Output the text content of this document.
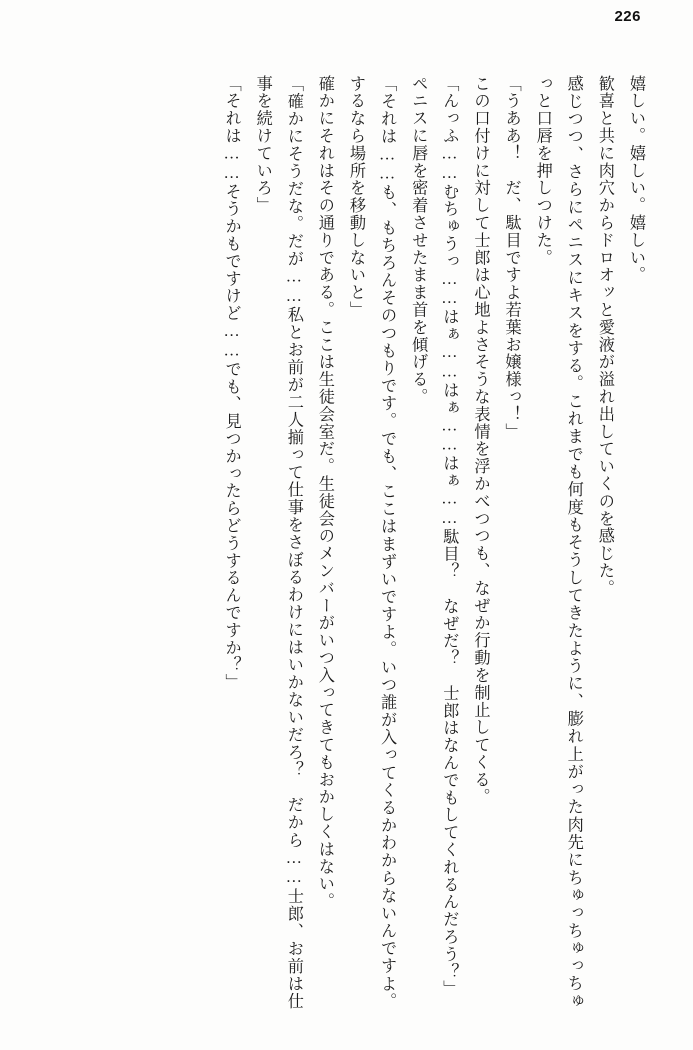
226

嬉しい。嬉しい。嬉しい。

歓喜と共に肉穴からドロオッと愛液が溢れ出していくのを感じた。

感じつつ、さらにペニスにキスをする。これまでも何度もそうしてきたように、膨れ上がった肉先にちゅっちゅっちゅっと口唇を押しつけた。

「うああ！　だ、駄目ですよ若葉お嬢様っ！」

この口付けに対して士郎は心地よさそうな表情を浮かべつつも、なぜか行動を制止してくる。

「んっふ……むちゅうっ……はぁ……はぁ……はぁ……駄目？　なぜだ？　士郎はなんでもしてくれるんだろう？」

ペニスに唇を密着させたまま首を傾げる。

「それは……も、もちろんそのつもりです。でも、ここはまずいですよ。いつ誰が入ってくるかわからないんですよ。するなら場所を移動しないと」

確かにそれはその通りである。ここは生徒会室だ。生徒会のメンバーがいつ入ってきてもおかしくはない。

「確かにそうだな。だが……私とお前が二人揃って仕事をさぼるわけにはいかないだろ？　だから……士郎、お前は仕事を続けていろ」

「それは……そうかもですけど……でも、見つかったらどうするんですか？」
